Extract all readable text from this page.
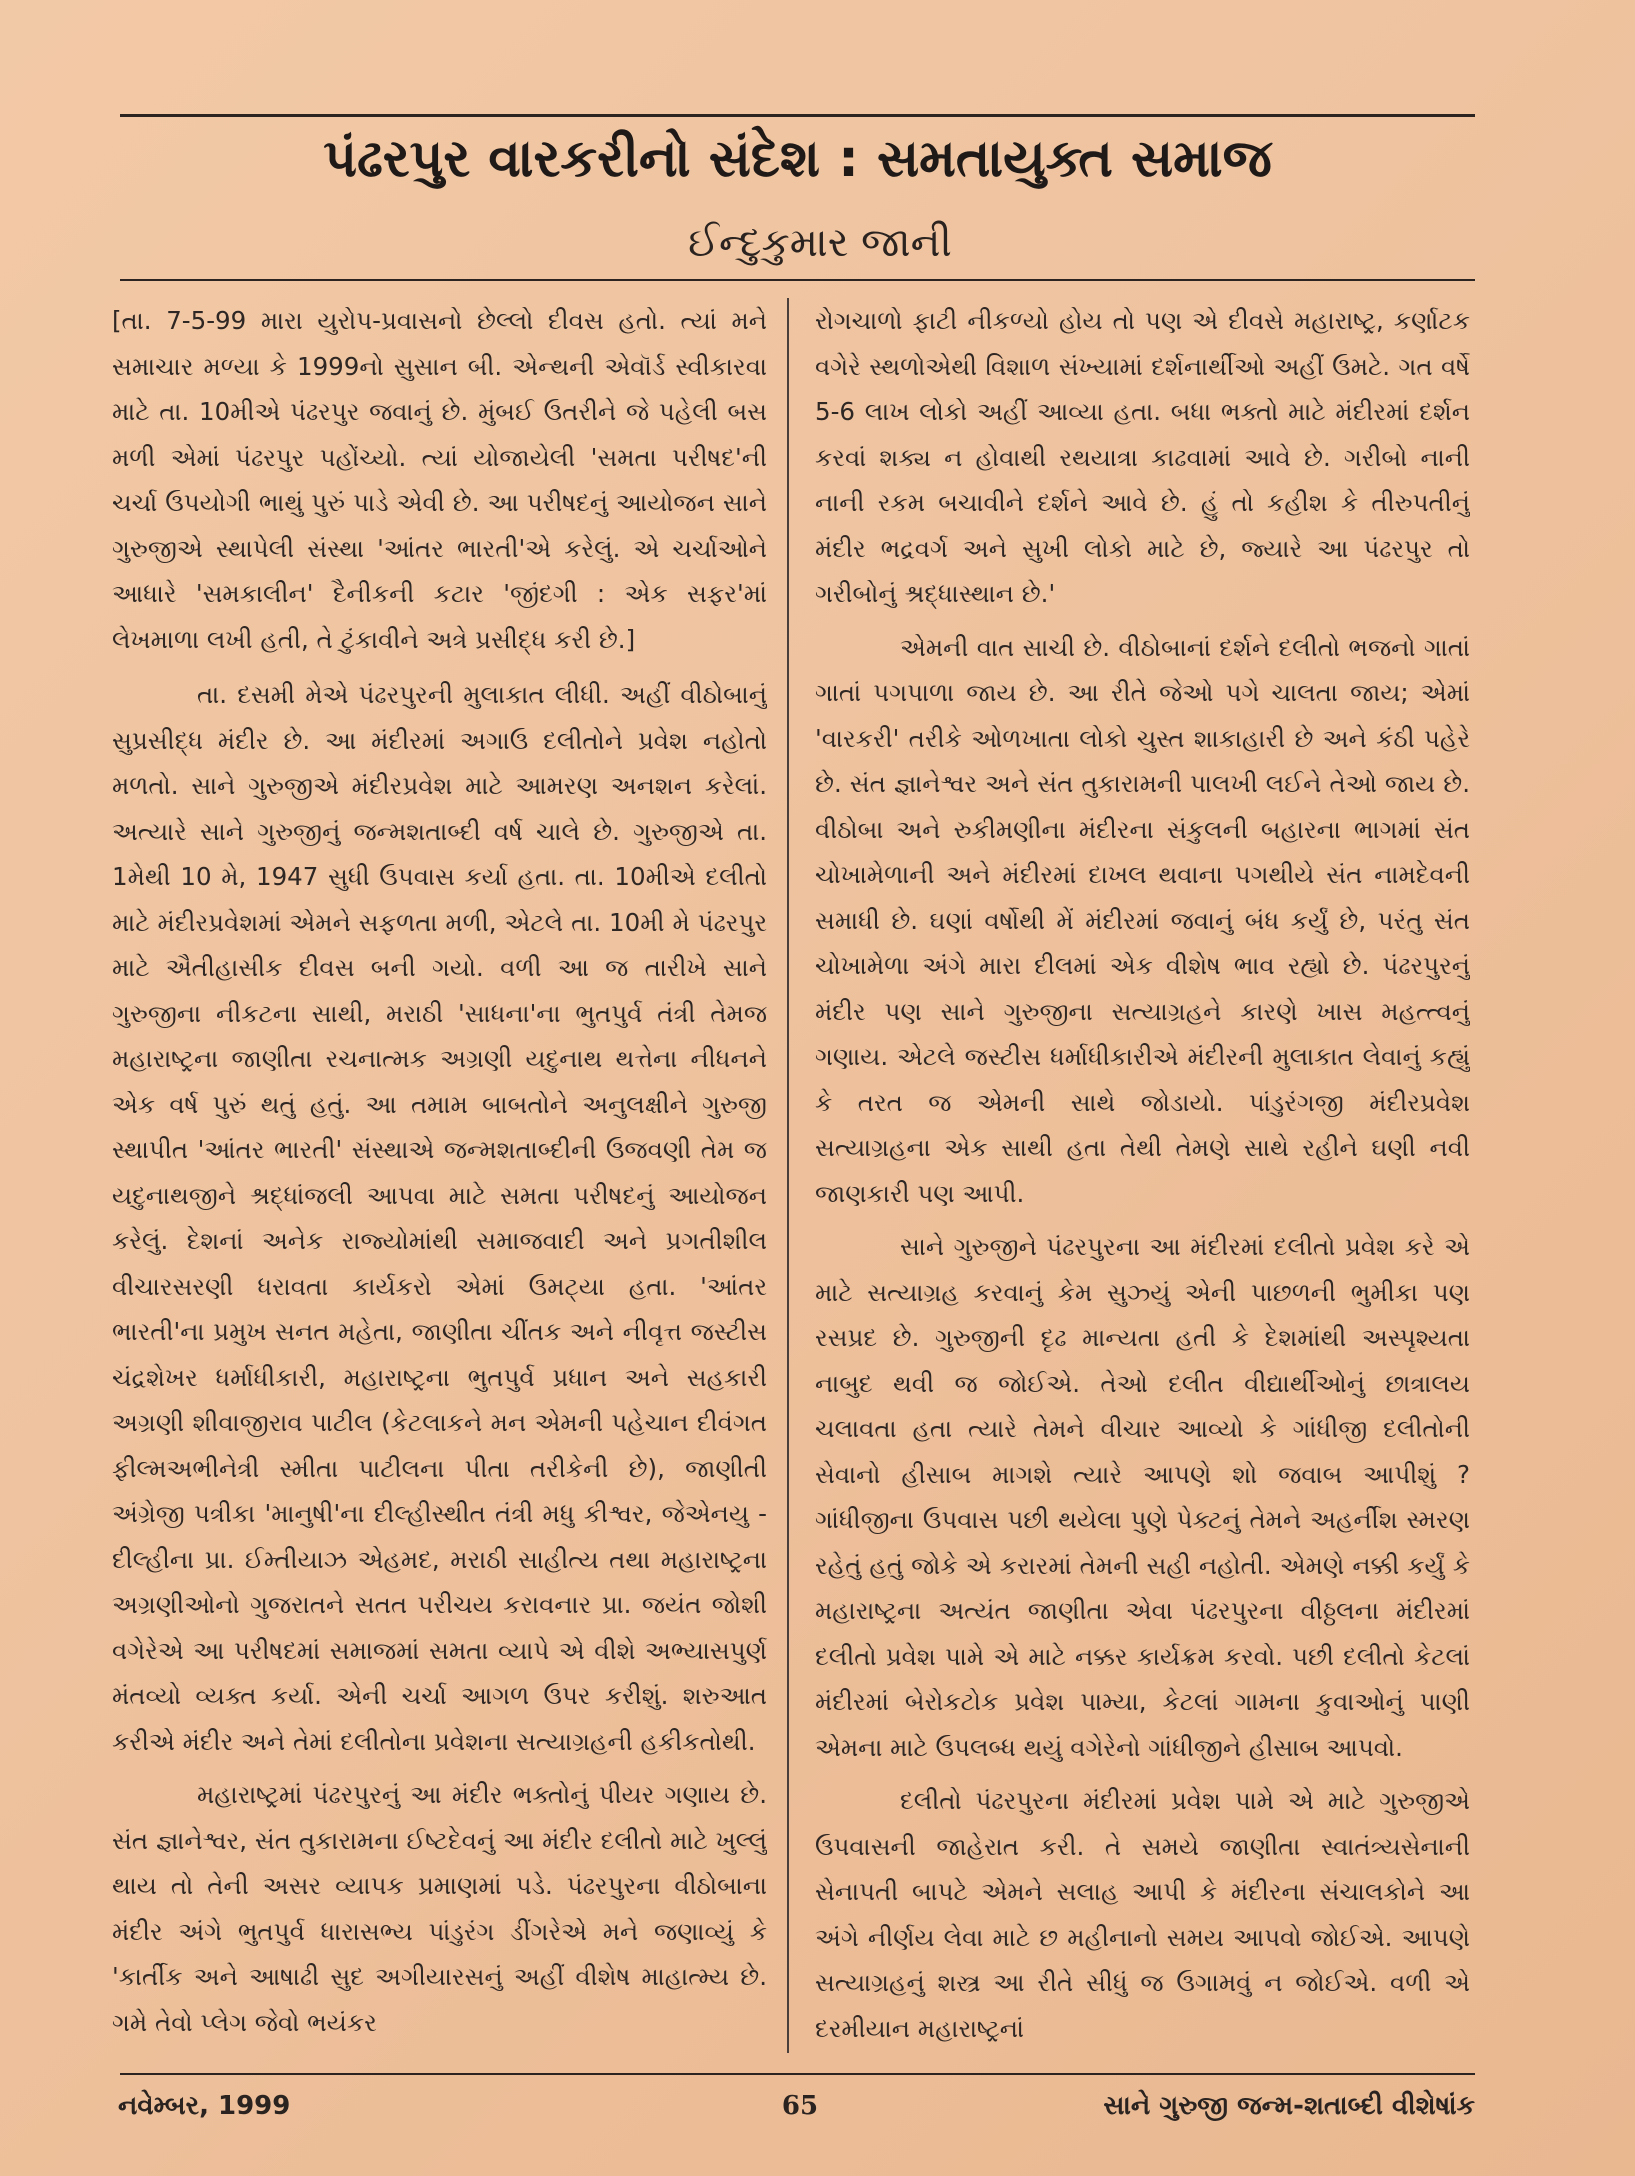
પંઢરપુર વારકરીનો સંદેશ : સમતાયુક્ત સમાજ
ઈન્દુકુમાર જાની

[તા. 7-5-99 મારા યુરોપ-પ્રવાસનો છેલ્લો દીવસ હતો. ત્યાં મને સમાચાર મળ્યા કે 1999નો સુસાન બી. એન્થની એવૉર્ડ સ્વીકારવા માટે તા. 10મીએ પંઢરપુર જવાનું છે. મુંબઈ ઉતરીને જે પહેલી બસ મળી એમાં પંઢરપુર પહોંચ્યો. ત્યાં યોજાયેલી 'સમતા પરીષદ'ની ચર્ચા ઉપયોગી ભાથું પુરું પાડે એવી છે. આ પરીષદનું આયોજન સાને ગુરુજીએ સ્થાપેલી સંસ્થા 'આંતર ભારતી'એ કરેલું. એ ચર્ચાઓને આધારે 'સમકાલીન' દૈનીકની કટાર 'જીંદગી : એક સફર'માં લેખમાળા લખી હતી, તે ટુંકાવીને અત્રે પ્રસીદ્ધ કરી છે.]

તા. દસમી મેએ પંઢરપુરની મુલાકાત લીધી. અહીં વીઠોબાનું સુપ્રસીદ્ધ મંદીર છે. આ મંદીરમાં અગાઉ દલીતોને પ્રવેશ નહોતો મળતો. સાને ગુરુજીએ મંદીરપ્રવેશ માટે આમરણ અનશન કરેલાં. અત્યારે સાને ગુરુજીનું જન્મશતાબ્દી વર્ષ ચાલે છે. ગુરુજીએ તા. 1મેથી 10 મે, 1947 સુધી ઉપવાસ કર્યા હતા. તા. 10મીએ દલીતો માટે મંદીરપ્રવેશમાં એમને સફળતા મળી, એટલે તા. 10મી મે પંઢરપુર માટે ઐતીહાસીક દીવસ બની ગયો. વળી આ જ તારીખે સાને ગુરુજીના નીકટના સાથી, મરાઠી 'સાધના'ના ભુતપુર્વ તંત્રી તેમજ મહારાષ્ટ્રના જાણીતા રચનાત્મક અગ્રણી યદુનાથ થત્તેના નીધનને એક વર્ષ પુરું થતું હતું. આ તમામ બાબતોને અનુલક્ષીને ગુરુજી સ્થાપીત 'આંતર ભારતી' સંસ્થાએ જન્મશતાબ્દીની ઉજવણી તેમ જ યદુનાથજીને શ્રદ્ધાંજલી આપવા માટે સમતા પરીષદનું આયોજન કરેલું. દેશનાં અનેક રાજ્યોમાંથી સમાજવાદી અને પ્રગતીશીલ વીચારસરણી ધરાવતા કાર્યકરો એમાં ઉમટ્યા હતા. 'આંતર ભારતી'ના પ્રમુખ સનત મહેતા, જાણીતા ચીંતક અને નીવૃત્ત જસ્ટીસ ચંદ્રશેખર ધર્માધીકારી, મહારાષ્ટ્રના ભુતપુર્વ પ્રધાન અને સહકારી અગ્રણી શીવાજીરાવ પાટીલ (કેટલાકને મન એમની પહેચાન દીવંગત ફીલ્મઅભીનેત્રી સ્મીતા પાટીલના પીતા તરીકેની છે), જાણીતી અંગ્રેજી પત્રીકા 'માનુષી'ના દીલ્હીસ્થીત તંત્રી મધુ કીશ્વર, જેએનયુ - દીલ્હીના પ્રા. ઈમ્તીયાઝ એહમદ, મરાઠી સાહીત્ય તથા મહારાષ્ટ્રના અગ્રણીઓનો ગુજરાતને સતત પરીચય કરાવનાર પ્રા. જયંત જોશી વગેરેએ આ પરીષદમાં સમાજમાં સમતા વ્યાપે એ વીશે અભ્યાસપુર્ણ મંતવ્યો વ્યક્ત કર્યા. એની ચર્ચા આગળ ઉપર કરીશું. શરુઆત કરીએ મંદીર અને તેમાં દલીતોના પ્રવેશના સત્યાગ્રહની હકીકતોથી.

મહારાષ્ટ્રમાં પંઢરપુરનું આ મંદીર ભક્તોનું પીયર ગણાય છે. સંત જ્ઞાનેશ્વર, સંત તુકારામના ઈષ્ટદેવનું આ મંદીર દલીતો માટે ખુલ્લું થાય તો તેની અસર વ્યાપક પ્રમાણમાં પડે. પંઢરપુરના વીઠોબાના મંદીર અંગે ભુતપુર્વ ધારાસભ્ય પાંડુરંગ ડીંગરેએ મને જણાવ્યું કે 'કાર્તીક અને આષાઢી સુદ અગીયારસનું અહીં વીશેષ માહાત્મ્ય છે. ગમે તેવો પ્લેગ જેવો ભયંકર

રોગચાળો ફાટી નીકળ્યો હોય તો પણ એ દીવસે મહારાષ્ટ્ર, કર્ણાટક વગેરે સ્થળોએથી વિશાળ સંખ્યામાં દર્શનાર્થીઓ અહીં ઉમટે. ગત વર્ષે 5-6 લાખ લોકો અહીં આવ્યા હતા. બધા ભક્તો માટે મંદીરમાં દર્શન કરવાં શક્ય ન હોવાથી રથયાત્રા કાઢવામાં આવે છે. ગરીબો નાની નાની રકમ બચાવીને દર્શને આવે છે. હું તો કહીશ કે તીરુપતીનું મંદીર ભદ્રવર્ગ અને સુખી લોકો માટે છે, જ્યારે આ પંઢરપુર તો ગરીબોનું શ્રદ્ધાસ્થાન છે.'

એમની વાત સાચી છે. વીઠોબાનાં દર્શને દલીતો ભજનો ગાતાં ગાતાં પગપાળા જાય છે. આ રીતે જેઓ પગે ચાલતા જાય; એમાં 'વારકરી' તરીકે ઓળખાતા લોકો ચુસ્ત શાકાહારી છે અને કંઠી પહેરે છે. સંત જ્ઞાનેશ્વર અને સંત તુકારામની પાલખી લઈને તેઓ જાય છે. વીઠોબા અને રુકીમણીના મંદીરના સંકુલની બહારના ભાગમાં સંત ચોખામેળાની અને મંદીરમાં દાખલ થવાના પગથીયે સંત નામદેવની સમાધી છે. ઘણાં વર્ષોથી મેં મંદીરમાં જવાનું બંધ કર્યું છે, પરંતુ સંત ચોખામેળા અંગે મારા દીલમાં એક વીશેષ ભાવ રહ્યો છે. પંઢરપુરનું મંદીર પણ સાને ગુરુજીના સત્યાગ્રહને કારણે ખાસ મહત્ત્વનું ગણાય. એટલે જસ્ટીસ ધર્માધીકારીએ મંદીરની મુલાકાત લેવાનું કહ્યું કે તરત જ એમની સાથે જોડાયો. પાંડુરંગજી મંદીરપ્રવેશ સત્યાગ્રહના એક સાથી હતા તેથી તેમણે સાથે રહીને ઘણી નવી જાણકારી પણ આપી.

સાને ગુરુજીને પંઢરપુરના આ મંદીરમાં દલીતો પ્રવેશ કરે એ માટે સત્યાગ્રહ કરવાનું કેમ સુઝ્યું એની પાછળની ભુમીકા પણ રસપ્રદ છે. ગુરુજીની દૃઢ માન્યતા હતી કે દેશમાંથી અસ્પૃશ્યતા નાબુદ થવી જ જોઈએ. તેઓ દલીત વીદ્યાર્થીઓનું છાત્રાલય ચલાવતા હતા ત્યારે તેમને વીચાર આવ્યો કે ગાંધીજી દલીતોની સેવાનો હીસાબ માગશે ત્યારે આપણે શો જવાબ આપીશું ? ગાંધીજીના ઉપવાસ પછી થયેલા પુણે પેક્ટનું તેમને અહર્નીશ સ્મરણ રહેતું હતું જોકે એ કરારમાં તેમની સહી નહોતી. એમણે નક્કી કર્યું કે મહારાષ્ટ્રના અત્યંત જાણીતા એવા પંઢરપુરના વીઠ્ઠલના મંદીરમાં દલીતો પ્રવેશ પામે એ માટે નક્કર કાર્યક્રમ કરવો. પછી દલીતો કેટલાં મંદીરમાં બેરોકટોક પ્રવેશ પામ્યા, કેટલાં ગામના કુવાઓનું પાણી એમના માટે ઉપલબ્ધ થયું વગેરેનો ગાંધીજીને હીસાબ આપવો.

દલીતો પંઢરપુરના મંદીરમાં પ્રવેશ પામે એ માટે ગુરુજીએ ઉપવાસની જાહેરાત કરી. તે સમયે જાણીતા સ્વાતંત્ર્યસેનાની સેનાપતી બાપટે એમને સલાહ આપી કે મંદીરના સંચાલકોને આ અંગે નીર્ણય લેવા માટે છ મહીનાનો સમય આપવો જોઈએ. આપણે સત્યાગ્રહનું શસ્ત્ર આ રીતે સીધું જ ઉગામવું ન જોઈએ. વળી એ દરમીયાન મહારાષ્ટ્રનાં

નવેમ્બર, 1999	65	સાને ગુરુજી જન્મ-શતાબ્દી વીશેષાંક
